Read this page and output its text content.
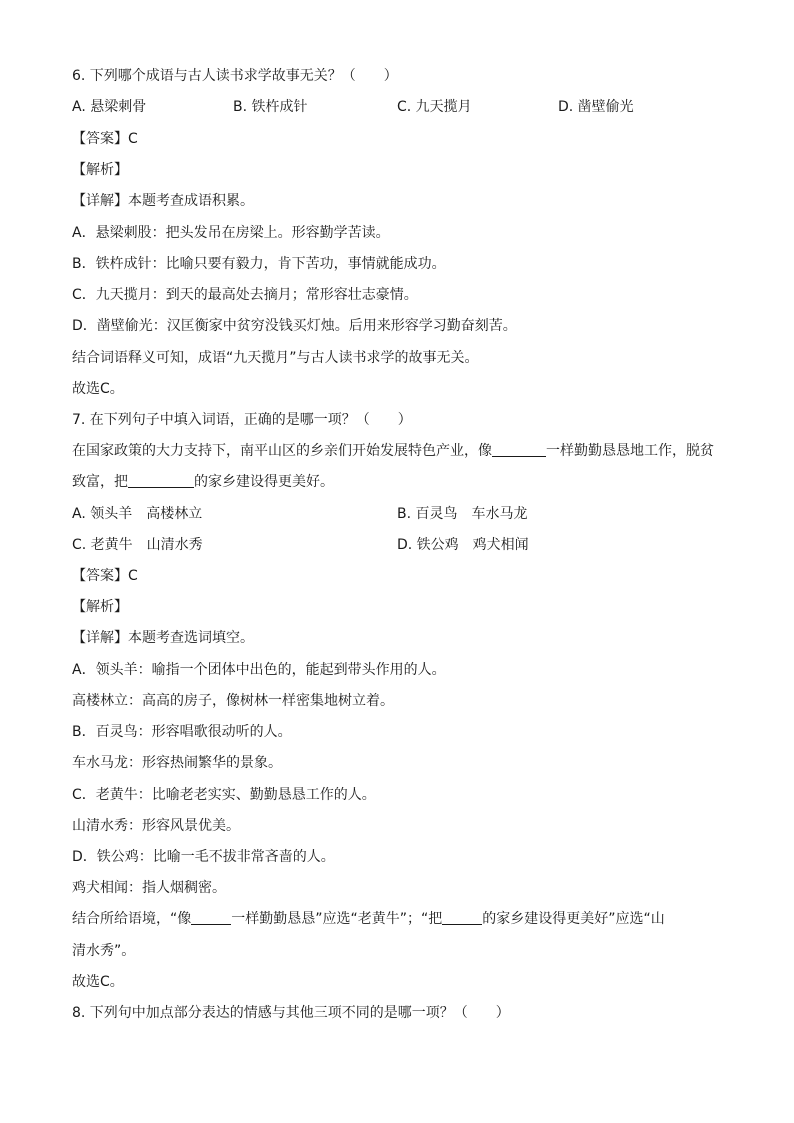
6. 下列哪个成语与古人读书求学故事无关？（　　）
A. 悬梁刺骨	B. 铁杵成针	C. 九天揽月	D. 凿壁偷光
【答案】C
【解析】
【详解】本题考查成语积累。
A．悬梁刺股：把头发吊在房梁上。形容勤学苦读。
B．铁杵成针：比喻只要有毅力，肯下苦功，事情就能成功。
C．九天揽月：到天的最高处去摘月；常形容壮志豪情。
D．凿壁偷光：汉匡衡家中贫穷没钱买灯烛。后用来形容学习勤奋刻苦。
结合词语释义可知，成语“九天揽月”与古人读书求学的故事无关。
故选C。
7. 在下列句子中填入词语，正确的是哪一项？（　　）
在国家政策的大力支持下，南平山区的乡亲们开始发展特色产业，像	一样勤勤恳恳地工作，脱贫
致富，把	的家乡建设得更美好。
A. 领头羊　高楼林立	B. 百灵鸟　车水马龙
C. 老黄牛　山清水秀	D. 铁公鸡　鸡犬相闻
【答案】C
【解析】
【详解】本题考查选词填空。
A．领头羊：喻指一个团体中出色的，能起到带头作用的人。
高楼林立：高高的房子，像树林一样密集地树立着。
B．百灵鸟：形容唱歌很动听的人。
车水马龙：形容热闹繁华的景象。
C．老黄牛：比喻老老实实、勤勤恳恳工作的人。
山清水秀：形容风景优美。
D．铁公鸡：比喻一毛不拔非常吝啬的人。
鸡犬相闻：指人烟稠密。
结合所给语境，“像	一样勤勤恳恳”应选“老黄牛”；“把	的家乡建设得更美好”应选“山
清水秀”。
故选C。
8. 下列句中加点部分表达的情感与其他三项不同的是哪一项？（　　）
